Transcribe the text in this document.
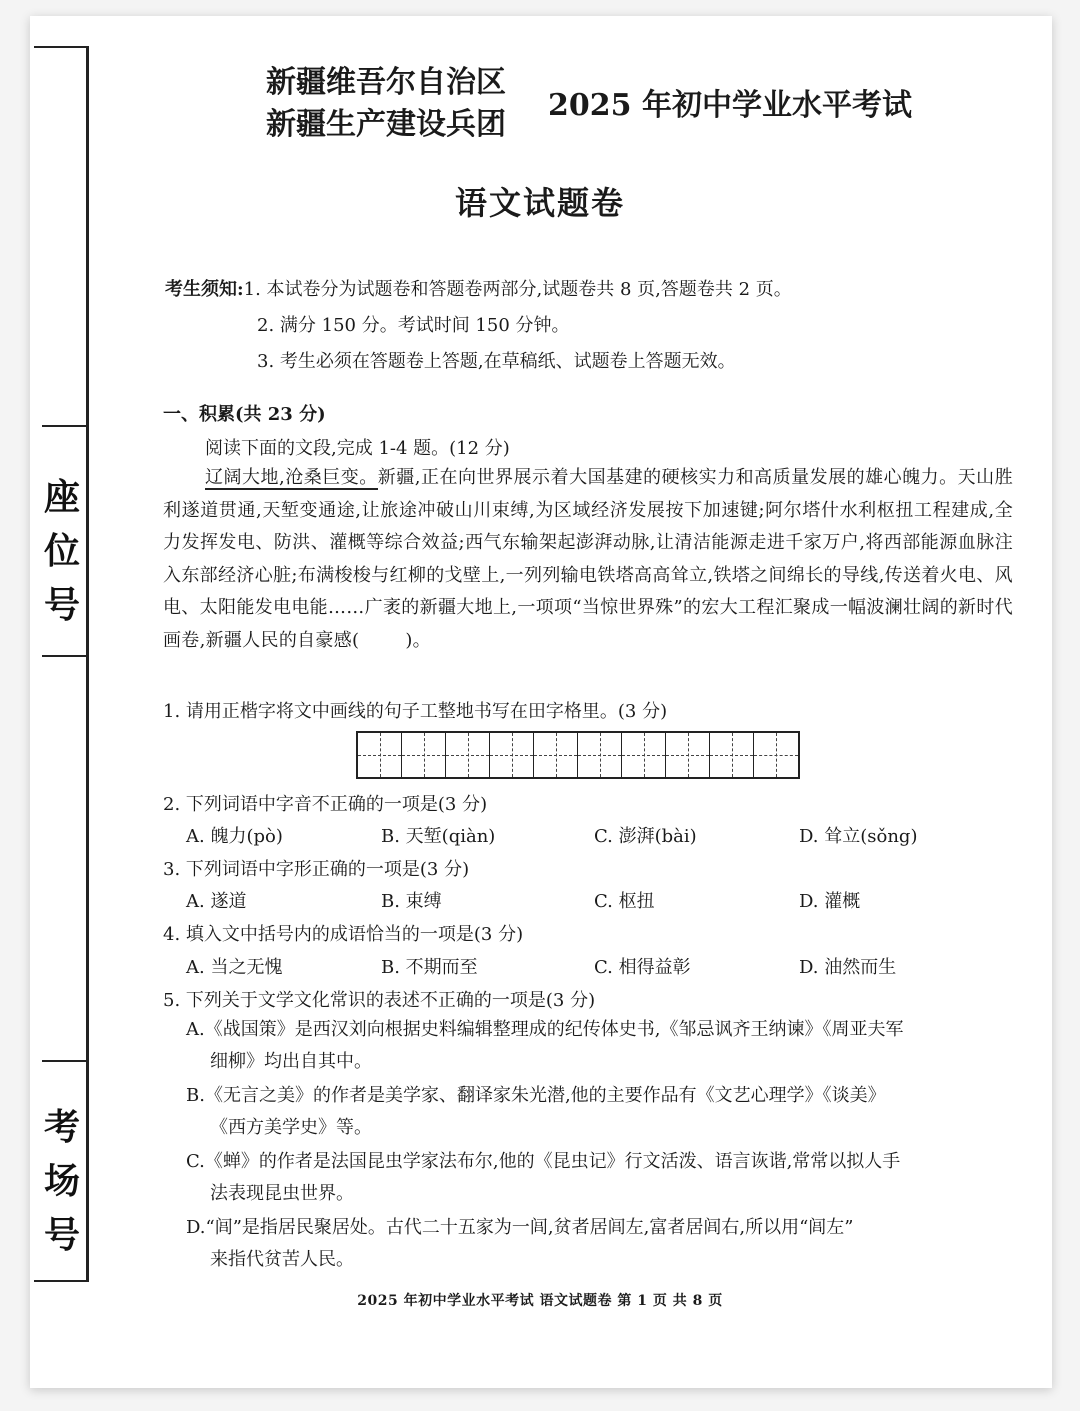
座
位
号
考
场
号
新疆维吾尔自治区
新疆生产建设兵团
2025 年初中学业水平考试
语文试题卷
考生须知:1. 本试卷分为试题卷和答题卷两部分,试题卷共 8 页,答题卷共 2 页。
2. 满分 150 分。考试时间 150 分钟。
3. 考生必须在答题卷上答题,在草稿纸、试题卷上答题无效。
一、积累(共 23 分)
阅读下面的文段,完成 1-4 题。(12 分)
辽阔大地,沧桑巨变。新疆,正在向世界展示着大国基建的硬核实力和高质量发展的雄心魄力。天山胜利遂道贯通,天堑变通途,让旅途冲破山川束缚,为区域经济发展按下加速键;阿尔塔什水利枢扭工程建成,全力发挥发电、防洪、灌概等综合效益;西气东输架起澎湃动脉,让清洁能源走进千家万户,将西部能源血脉注入东部经济心脏;布满梭梭与红柳的戈壁上,一列列输电铁塔高高耸立,铁塔之间绵长的导线,传送着火电、风电、太阳能发电电能……广袤的新疆大地上,一项项“当惊世界殊”的宏大工程汇聚成一幅波澜壮阔的新时代画卷,新疆人民的自豪感(	)。
1. 请用正楷字将文中画线的句子工整地书写在田字格里。(3 分)
2. 下列词语中字音不正确的一项是(3 分)
A. 魄力(pò)	B. 天堑(qiàn)	C. 澎湃(bài)	D. 耸立(sǒng)
3. 下列词语中字形正确的一项是(3 分)
A. 遂道	B. 束缚	C. 枢扭	D. 灌概
4. 填入文中括号内的成语恰当的一项是(3 分)
A. 当之无愧	B. 不期而至	C. 相得益彰	D. 油然而生
5. 下列关于文学文化常识的表述不正确的一项是(3 分)
A.《战国策》是西汉刘向根据史料编辑整理成的纪传体史书,《邹忌讽齐王纳谏》《周亚夫军
细柳》均出自其中。
B.《无言之美》的作者是美学家、翻译家朱光潜,他的主要作品有《文艺心理学》《谈美》
《西方美学史》等。
C.《蝉》的作者是法国昆虫学家法布尔,他的《昆虫记》行文活泼、语言诙谐,常常以拟人手
法表现昆虫世界。
D.“闾”是指居民聚居处。古代二十五家为一闾,贫者居闾左,富者居闾右,所以用“闾左”
来指代贫苦人民。
2025 年初中学业水平考试 语文试题卷 第 1 页 共 8 页
